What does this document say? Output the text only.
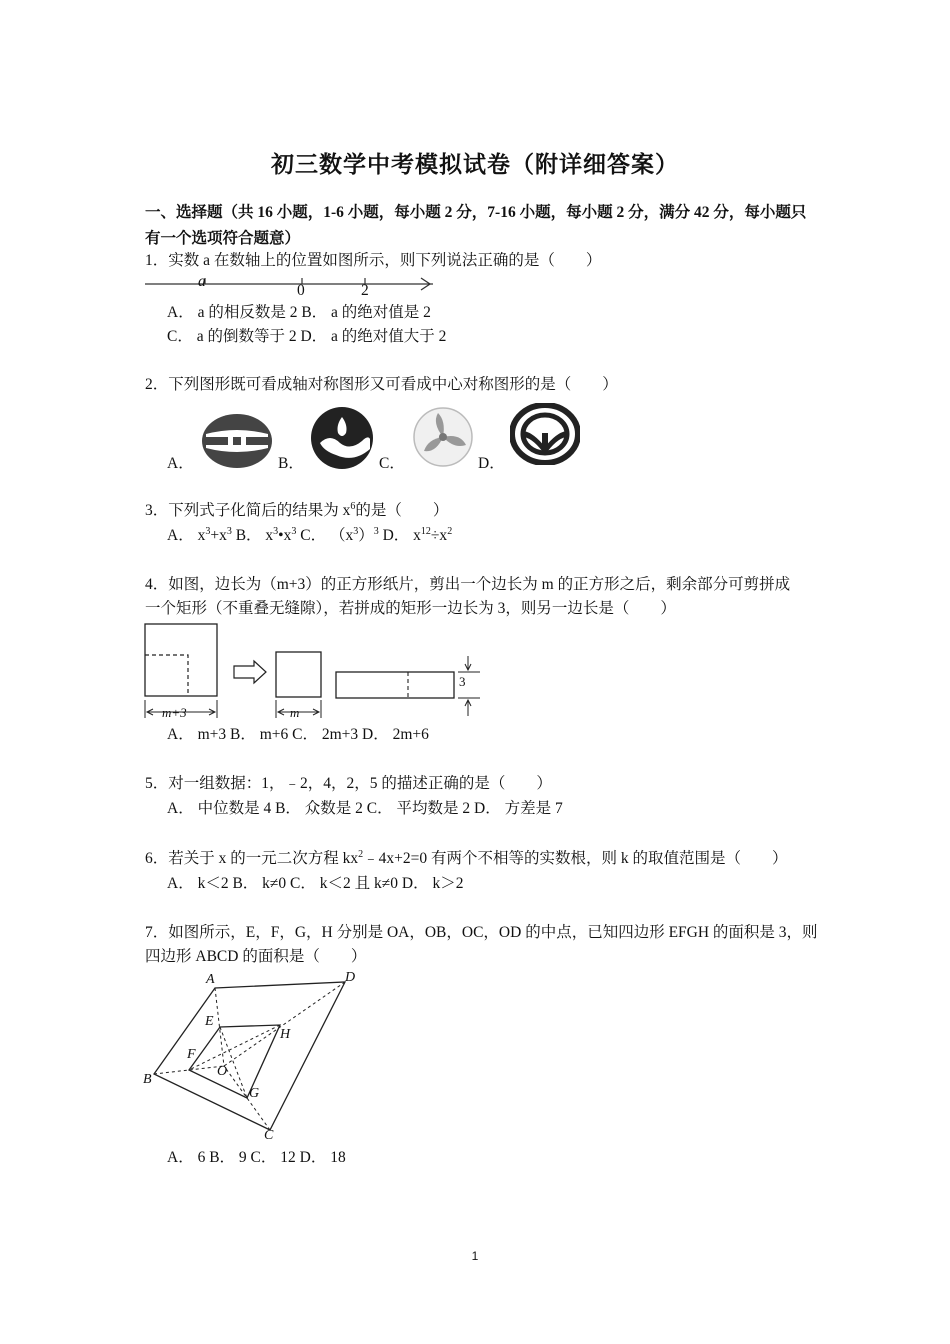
初三数学中考模拟试卷（附详细答案）
一、选择题（共 16 小题，1-6 小题，每小题 2 分，7-16 小题，每小题 2 分，满分 42 分，每小题只
有一个选项符合题意）
1．实数 a 在数轴上的位置如图所示，则下列说法正确的是（　　）
a
0	2
A． a 的相反数是 2 B． a 的绝对值是 2
C． a 的倒数等于 2 D． a 的绝对值大于 2
2．下列图形既可看成轴对称图形又可看成中心对称图形的是（　　）
A．	B．	C．	D．
3．下列式子化简后的结果为 $x^6$的是（　　）
A． $x^3+x^3$ B． $x^3•x^3$ C． $(x^3)^3$ D． $x^{12}\div x^2$
4．如图，边长为（m+3）的正方形纸片，剪出一个边长为 m 的正方形之后，剩余部分可剪拼成
一个矩形（不重叠无缝隙），若拼成的矩形一边长为 3，则另一边长是（　　）
m+3	m
3
A． m+3 B． m+6 C． 2m+3 D． 2m+6
5．对一组数据：1，﹣2，4，2，5 的描述正确的是（　　）
A． 中位数是 4 B． 众数是 2 C． 平均数是 2 D． 方差是 7
6．若关于 x 的一元二次方程 $kx^2﹣4x+2=0$ 有两个不相等的实数根，则 k 的取值范围是（　　）
A． k＜2 B． k≠0 C． k＜2 且 k≠0 D． k＞2
7．如图所示，E，F，G，H 分别是 OA，OB，OC，OD 的中点，已知四边形 EFGH 的面积是 3，则
四边形 ABCD 的面积是（　　）
A	D
E
H
F
O
B
G
C
A． 6 B． 9 C． 12 D． 18
1
